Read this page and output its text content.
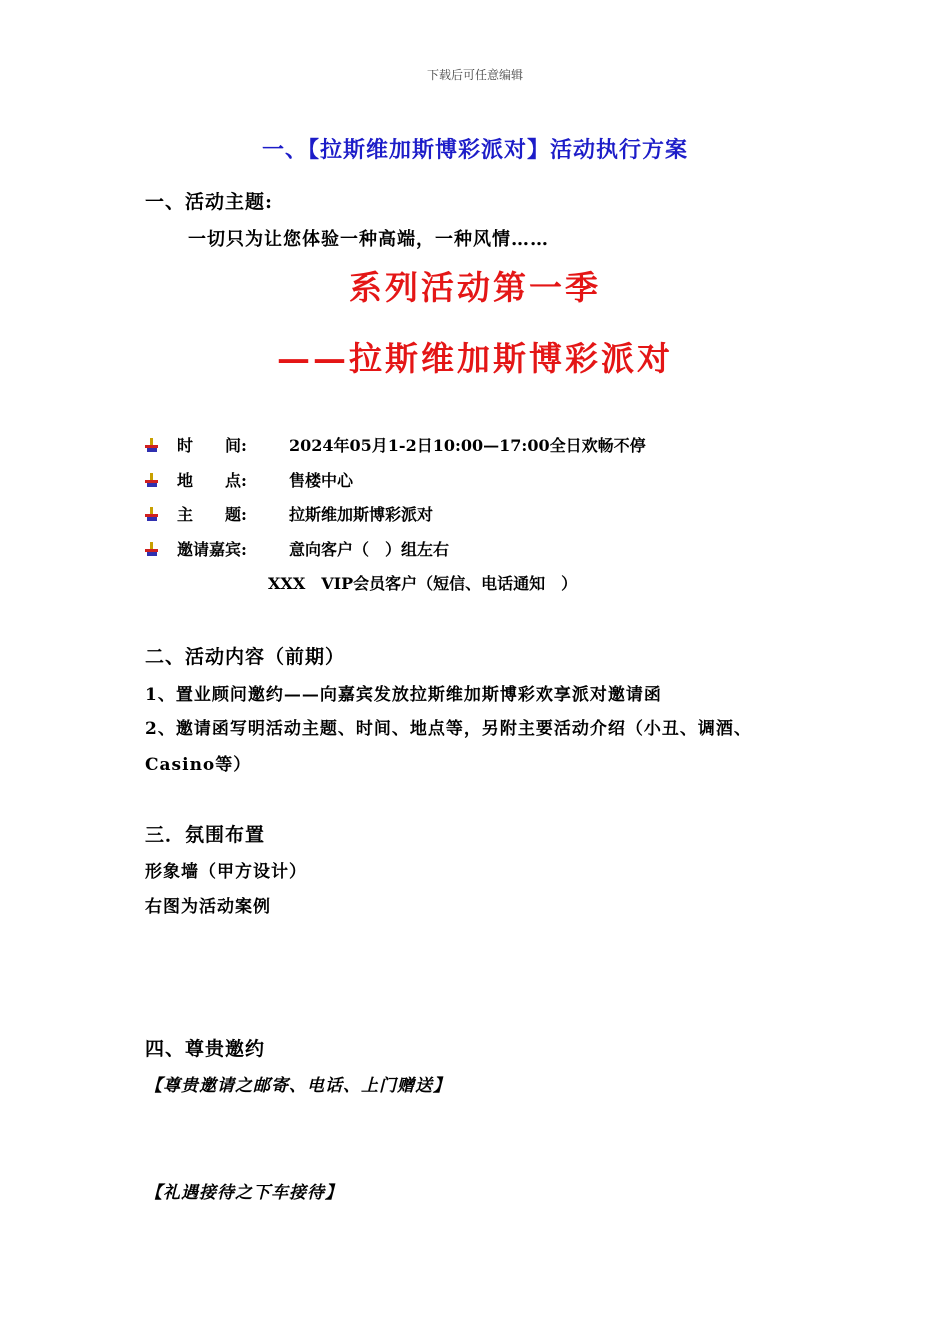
下载后可任意编辑
一、【拉斯维加斯博彩派对】活动执行方案
一、活动主题:
一切只为让您体验一种高端，一种风情……
系列活动第一季
——拉斯维加斯博彩派对
时　　间:	2024年05月1-2日10:00—17:00全日欢畅不停
地　　点:	售楼中心
主　　题:	拉斯维加斯博彩派对
邀请嘉宾:	意向客户（　）组左右
XXX　VIP会员客户（短信、电话通知　）
二、活动内容（前期）
1、置业顾问邀约——向嘉宾发放拉斯维加斯博彩欢享派对邀请函
2、邀请函写明活动主题、时间、地点等，另附主要活动介绍（小丑、调酒、
Casino等）
三．氛围布置
形象墙（甲方设计）
右图为活动案例
四、尊贵邀约
【尊贵邀请之邮寄、电话、上门赠送】
【礼遇接待之下车接待】
